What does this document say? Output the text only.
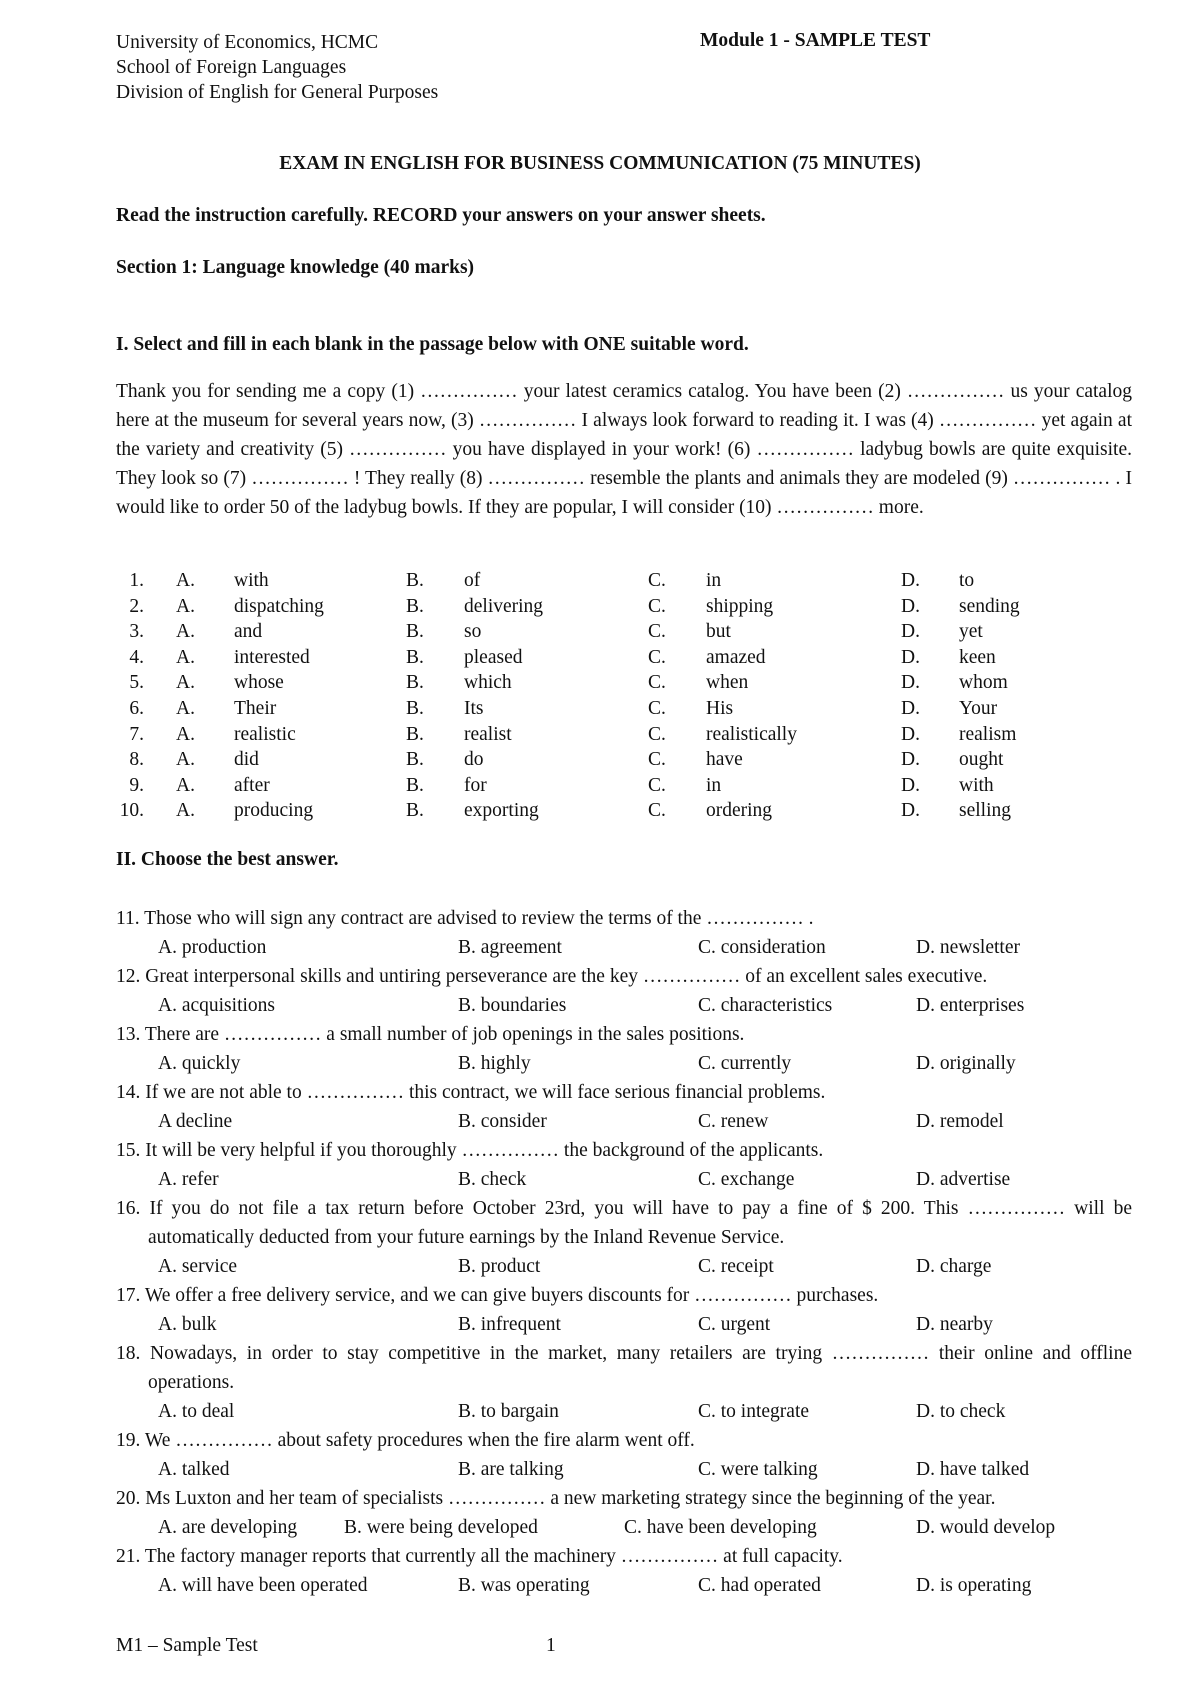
University of Economics, HCMC
School of Foreign Languages
Division of English for General Purposes
Module 1 - SAMPLE TEST
EXAM IN ENGLISH FOR BUSINESS COMMUNICATION (75 MINUTES)
Read the instruction carefully. RECORD your answers on your answer sheets.
Section 1: Language knowledge (40 marks)
I. Select and fill in each blank in the passage below with ONE suitable word.

Thank you for sending me a copy (1) …………… your latest ceramics catalog. You have been (2) …………… us your catalog here at the museum for several years now, (3) …………… I always look forward to reading it. I was (4) …………… yet again at the variety and creativity (5) …………… you have displayed in your work! (6) …………… ladybug bowls are quite exquisite. They look so (7) …………… ! They really (8) …………… resemble the plants and animals they are modeled (9) …………… . I would like to order 50 of the ladybug bowls. If they are popular, I will consider (10) …………… more.

1. A. with	B. of	C. in	D. to
2. A. dispatching	B. delivering	C. shipping	D. sending
3. A. and	B. so	C. but	D. yet
4. A. interested	B. pleased	C. amazed	D. keen
5. A. whose	B. which	C. when	D. whom
6. A. Their	B. Its	C. His	D. Your
7. A. realistic	B. realist	C. realistically	D. realism
8. A. did	B. do	C. have	D. ought
9. A. after	B. for	C. in	D. with
10. A. producing	B. exporting	C. ordering	D. selling
II. Choose the best answer.
11. Those who will sign any contract are advised to review the terms of the …………… .
A. production	B. agreement	C. consideration	D. newsletter
12. Great interpersonal skills and untiring perseverance are the key …………… of an excellent sales executive.
A. acquisitions	B. boundaries	C. characteristics	D. enterprises
13. There are …………… a small number of job openings in the sales positions.
A. quickly	B. highly	C. currently	D. originally
14. If we are not able to …………… this contract, we will face serious financial problems.
A decline	B. consider	C. renew	D. remodel
15. It will be very helpful if you thoroughly …………… the background of the applicants.
A. refer	B. check	C. exchange	D. advertise
16. If you do not file a tax return before October 23rd, you will have to pay a fine of $ 200. This …………… will be automatically deducted from your future earnings by the Inland Revenue Service.
A. service	B. product	C. receipt	D. charge
17. We offer a free delivery service, and we can give buyers discounts for …………… purchases.
A. bulk	B. infrequent	C. urgent	D. nearby
18. Nowadays, in order to stay competitive in the market, many retailers are trying …………… their online and offline operations.
A. to deal	B. to bargain	C. to integrate	D. to check
19. We …………… about safety procedures when the fire alarm went off.
A. talked	B. are talking	C. were talking	D. have talked
20. Ms Luxton and her team of specialists …………… a new marketing strategy since the beginning of the year.
A. are developing B. were being developed	C. have been developing	D. would develop
21. The factory manager reports that currently all the machinery …………… at full capacity.
A. will have been operated	B. was operating	C. had operated	D. is operating
M1 – Sample Test	1
